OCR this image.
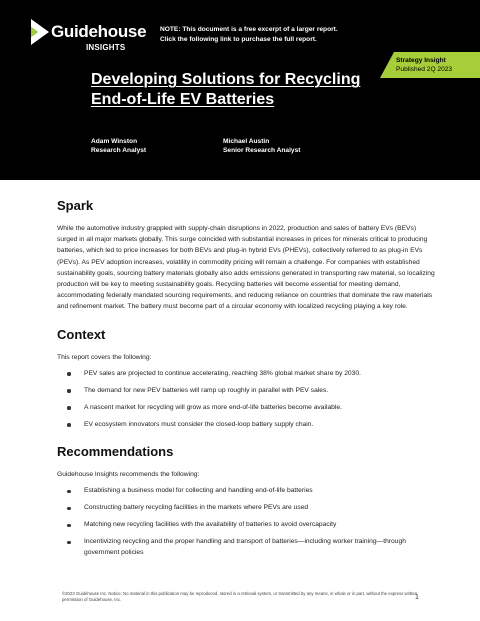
Guidehouse
INSIGHTS
NOTE: This document is a free excerpt of a larger report.
Click the following link to purchase the full report.
Strategy Insight
Published 2Q 2023
Developing Solutions for Recycling
End-of-Life EV Batteries
Adam Winston
Research Analyst
Michael Austin
Senior Research Analyst
Spark

While the automotive industry grappled with supply-chain disruptions in 2022, production and sales of battery EVs (BEVs) surged in all major markets globally. This surge coincided with substantial increases in prices for minerals critical to producing batteries, which led to price increases for both BEVs and plug-in hybrid EVs (PHEVs), collectively referred to as plug-in EVs (PEVs). As PEV adoption increases, volatility in commodity pricing will remain a challenge. For companies with established sustainability goals, sourcing battery materials globally also adds emissions generated in transporting raw material, so localizing production will be key to meeting sustainability goals. Recycling batteries will become essential for meeting demand, accommodating federally mandated sourcing requirements, and reducing reliance on countries that dominate the raw materials and refinement market. The battery must become part of a circular economy with localized recycling playing a key role.

Context

This report covers the following:

PEV sales are projected to continue accelerating, reaching 38% global market share by 2030.
The demand for new PEV batteries will ramp up roughly in parallel with PEV sales.
A nascent market for recycling will grow as more end-of-life batteries become available.
EV ecosystem innovators must consider the closed-loop battery supply chain.
Recommendations

Guidehouse Insights recommends the following:

Establishing a business model for collecting and handling end-of-life batteries
Constructing battery recycling facilities in the markets where PEVs are used
Matching new recycling facilities with the availability of batteries to avoid overcapacity
Incentivizing recycling and the proper handling and transport of batteries—including worker training—through government policies
©2023 Guidehouse Inc. Notice: No material in this publication may be reproduced, stored in a retrieval system, or transmitted by any means, in whole or in part, without the express written permission of Guidehouse, Inc.	1
